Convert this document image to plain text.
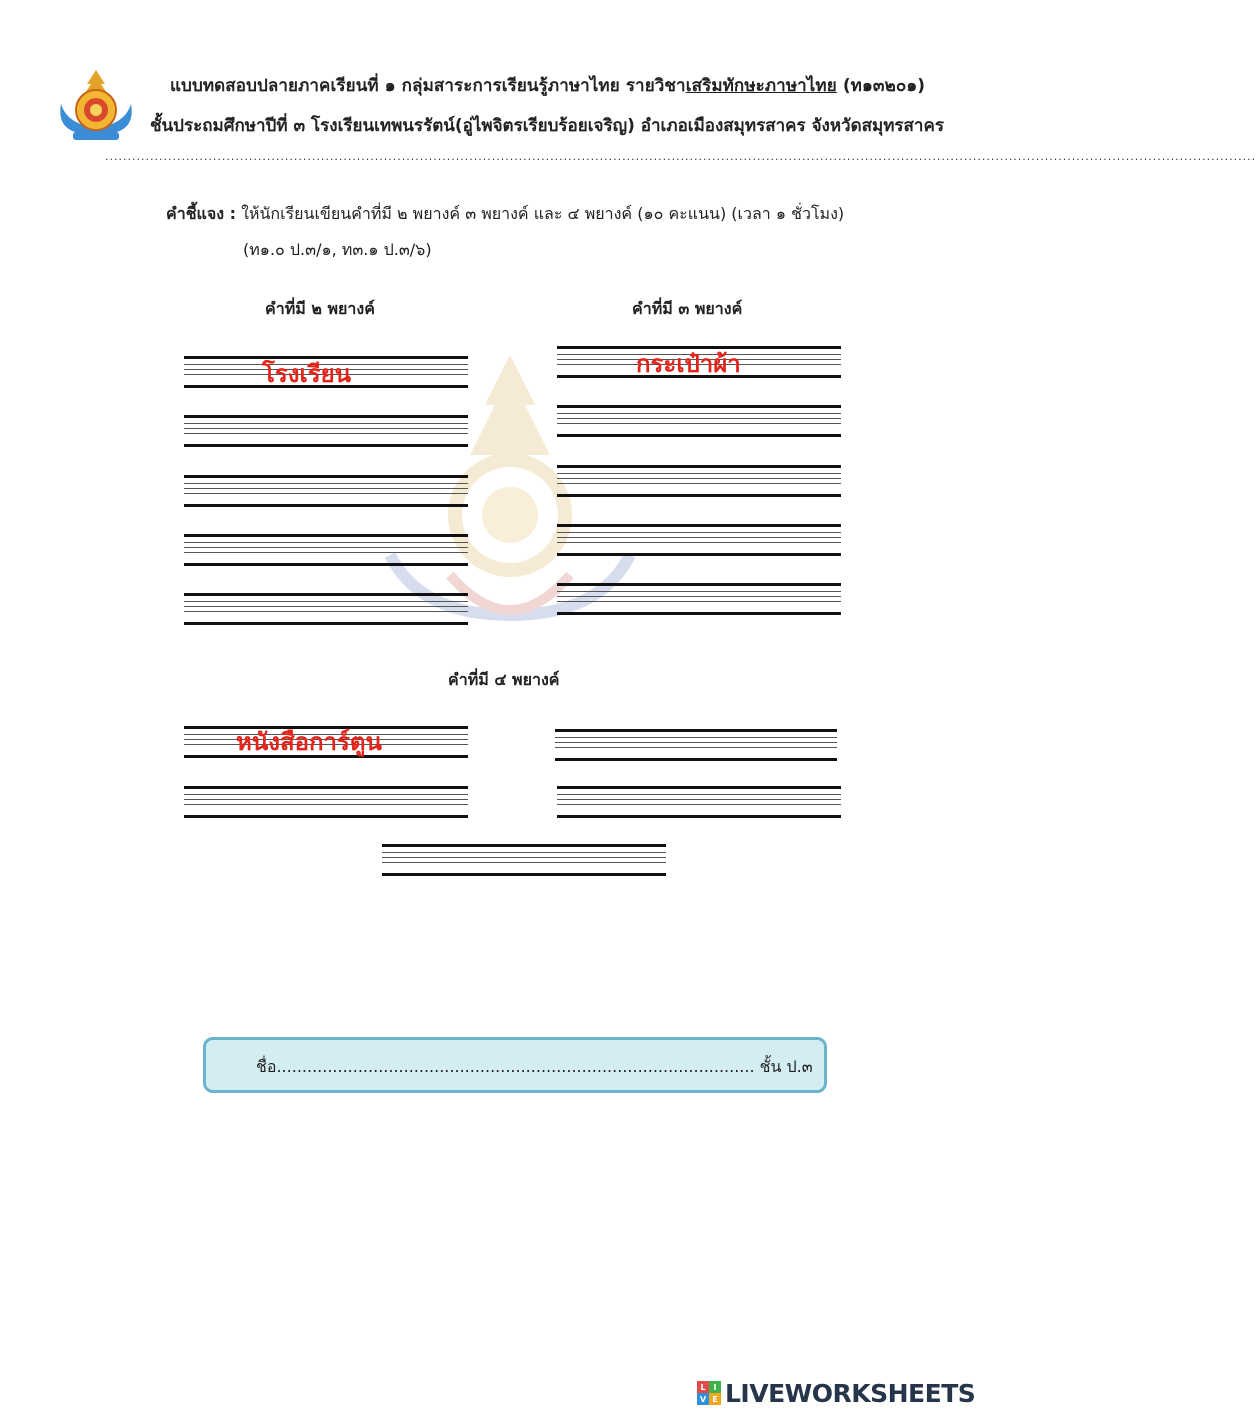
แบบทดสอบปลายภาคเรียนที่ ๑ กลุ่มสาระการเรียนรู้ภาษาไทย รายวิชาเสริมทักษะภาษาไทย (ท๑๓๒๐๑)
ชั้นประถมศึกษาปีที่ ๓ โรงเรียนเทพนรรัตน์(อู่ไพจิตรเรียบร้อยเจริญ) อำเภอเมืองสมุทรสาคร จังหวัดสมุทรสาคร
................................................................................................................................................................................................................................................................
คำชี้แจง : ให้นักเรียนเขียนคำที่มี ๒ พยางค์ ๓ พยางค์ และ ๔ พยางค์ (๑๐ คะแนน) (เวลา ๑ ชั่วโมง)
(ท๑.๐ ป.๓/๑, ท๓.๑ ป.๓/๖)
คำที่มี ๒ พยางค์	คำที่มี ๓ พยางค์
คำที่มี ๔ พยางค์
โรงเรียน	กระเป๋าผ้า
หนังสือการ์ตูน
ชื่อ.............................................................................................. ชั้น ป.๓
L I
V E LIVEWORKSHEETS
